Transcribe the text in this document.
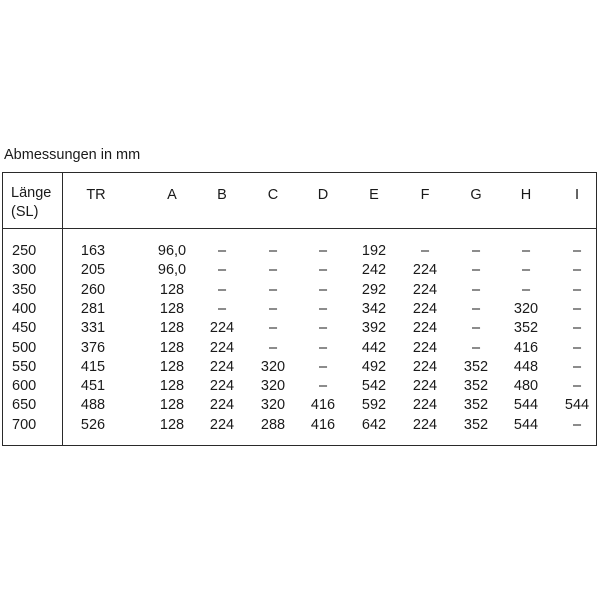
Abmessungen in mm
Länge
(SL)
TR	A	B	C	D	E	F	G	H	I
250	163	96,0	–	–	–	192	–	–	–	–
300	205	96,0	–	–	–	242	224	–	–	–
350	260	128	–	–	–	292	224	–	–	–
400	281	128	–	–	–	342	224	–	320	–
450	331	128	224	–	–	392	224	–	352	–
500	376	128	224	–	–	442	224	–	416	–
550	415	128	224	320	–	492	224	352	448	–
600	451	128	224	320	–	542	224	352	480	–
650	488	128	224	320	416	592	224	352	544	544
700	526	128	224	288	416	642	224	352	544	–
